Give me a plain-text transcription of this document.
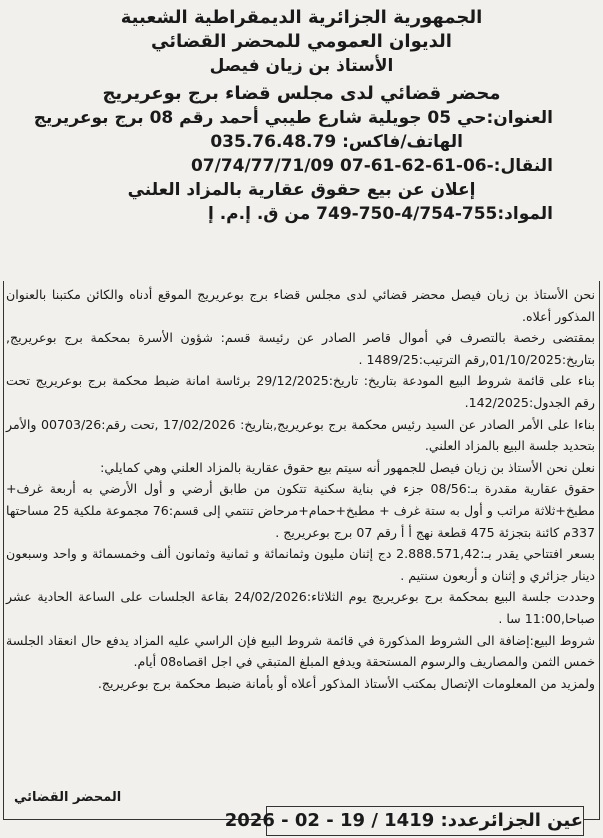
الجمهورية الجزائرية الديمقراطية الشعبية
الديوان العمومي للمحضر القضائي
الأستاذ بن زيان فيصل
محضر قضائي لدى مجلس قضاء برج بوعريريج
العنوان:حي 05 جويلية شارع طيبي أحمد رقم 08 برج بوعريريج
الهاتف/فاكس: 035.76.48.79
النقال:-06-61-62-61-07 07/74/77/71/09
إعلان عن بيع حقوق عقارية بالمزاد العلني
المواد:755-4/754-750-749 من ق. إ.م. إ

نحن الأستاذ بن زيان فيصل محضر قضائي لدى مجلس قضاء برج بوعريريج الموقع أدناه والكائن مكتبنا بالعنوان المذكور أعلاه.

بمقتضى رخصة بالتصرف في أموال قاصر الصادر عن رئيسة قسم: شؤون الأسرة بمحكمة برج بوعريريج, بتاريخ:01/10/2025,رقم الترتيب:1489/25 .

بناء على قائمة شروط البيع المودعة بتاريخ: تاريخ:29/12/2025 برئاسة امانة ضبط محكمة برج بوعريريج تحت رقم الجدول:142/2025.

بناءا على الأمر الصادر عن السيد رئيس محكمة برج بوعريريج,بتاريخ: 17/02/2026 ,تحت رقم:00703/26 والأمر بتحديد جلسة البيع بالمزاد العلني.

نعلن نحن الأستاذ بن زيان فيصل للجمهور أنه سيتم بيع حقوق عقارية بالمزاد العلني وهي كمايلي:

حقوق عقارية مقدرة بـ:08/56 جزء في بناية سكنية تتكون من طابق أرضي و أول الأرضي به أربعة غرف+ مطبخ+ثلاثة مراتب و أول به ستة غرف + مطبخ+حمام+مرحاض تنتمي إلى قسم:76 مجموعة ملكية 25 مساحتها 337م كائنة بتجزئة 475 قطعة نهج أ أ رقم 07 برج بوعريريج .

بسعر افتتاحي يقدر بـ:2.888.571,42 دج إثنان مليون وثمانمائة و ثمانية وثمانون ألف وخمسمائة و واحد وسبعون دينار جزائري و إثنان و أربعون سنتيم .

وحددت جلسة البيع بمحكمة برج بوعريريج يوم الثلاثاء:24/02/2026 بقاعة الجلسات على الساعة الحادية عشر صباحا,11:00 سا .

شروط البيع:إضافة الى الشروط المذكورة في قائمة شروط البيع فإن الراسي عليه المزاد يدفع حال انعقاد الجلسة خمس الثمن والمصاريف والرسوم المستحقة ويدفع المبلغ المتبقي في اجل اقصاه08 أيام.

ولمزيد من المعلومات الإتصال بمكتب الأستاذ المذكور أعلاه أو بأمانة ضبط محكمة برج بوعريريج.

المحضر القضائي
عين الجزائرعدد: 1419 / 19 - 02 - 2026
